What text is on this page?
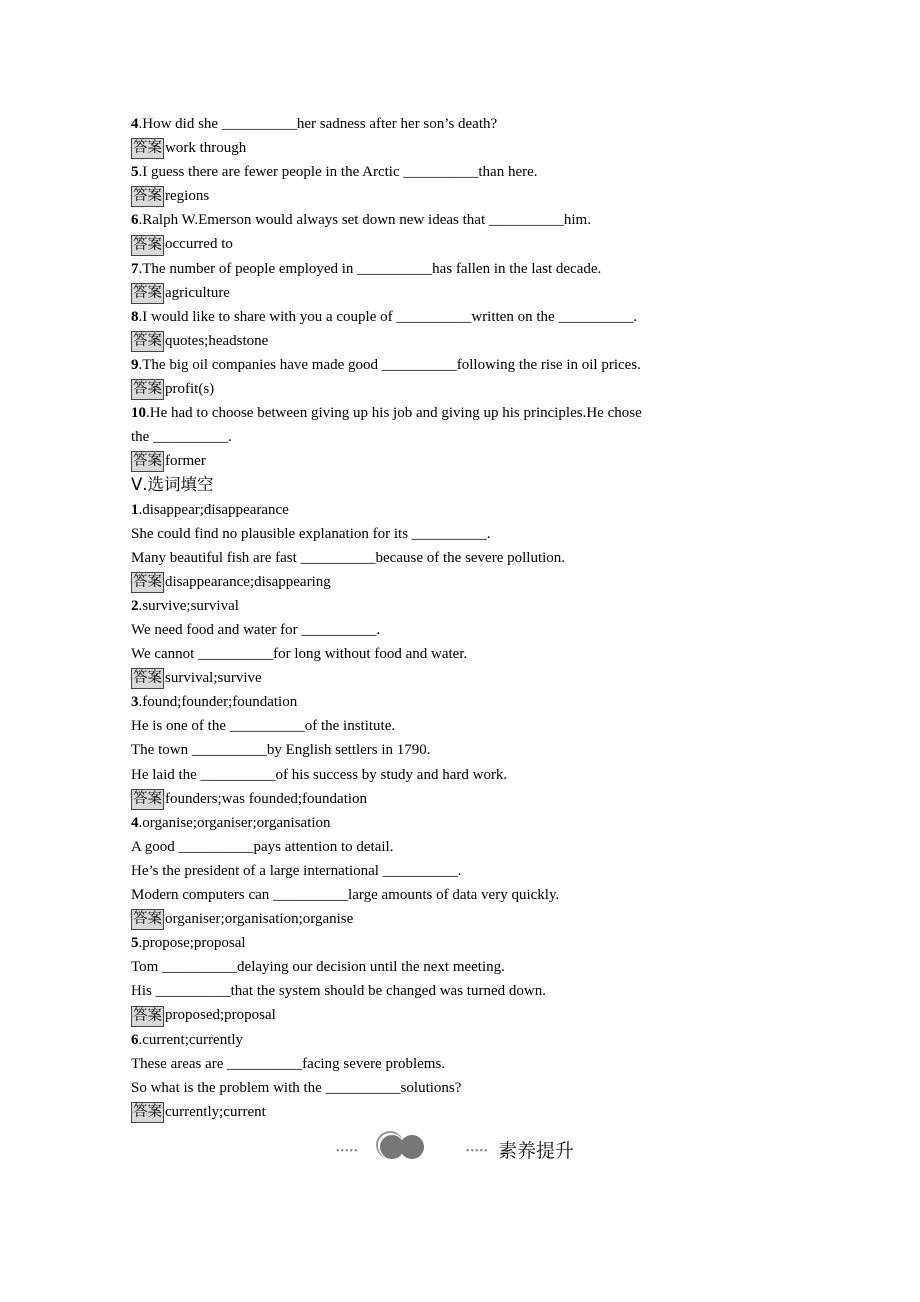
4.How did she __________her sadness after her son’s death?
答案 work through
5.I guess there are fewer people in the Arctic __________than here.
答案 regions
6.Ralph W.Emerson would always set down new ideas that __________him.
答案 occurred to
7.The number of people employed in __________has fallen in the last decade.
答案 agriculture
8.I would like to share with you a couple of __________written on the __________.
答案 quotes;headstone
9.The big oil companies have made good __________following the rise in oil prices.
答案 profit(s)
10.He had to choose between giving up his job and giving up his principles.He chose
the __________.
答案 former
Ⅴ.选词填空
1.disappear;disappearance
She could find no plausible explanation for its __________.
Many beautiful fish are fast __________because of the severe pollution.
答案 disappearance;disappearing
2.survive;survival
We need food and water for __________.
We cannot __________for long without food and water.
答案 survival;survive
3.found;founder;foundation
He is one of the __________of the institute.
The town __________by English settlers in 1790.
He laid the __________of his success by study and hard work.
答案 founders;was founded;foundation
4.organise;organiser;organisation
A good __________pays attention to detail.
He’s the president of a large international __________.
Modern computers can __________large amounts of data very quickly.
答案 organiser;organisation;organise
5.propose;proposal
Tom __________delaying our decision until the next meeting.
His __________that the system should be changed was turned down.
答案 proposed;proposal
6.current;currently
These areas are __________facing severe problems.
So what is the problem with the __________solutions?
答案 currently;current
•••••	••••• 素养提升
